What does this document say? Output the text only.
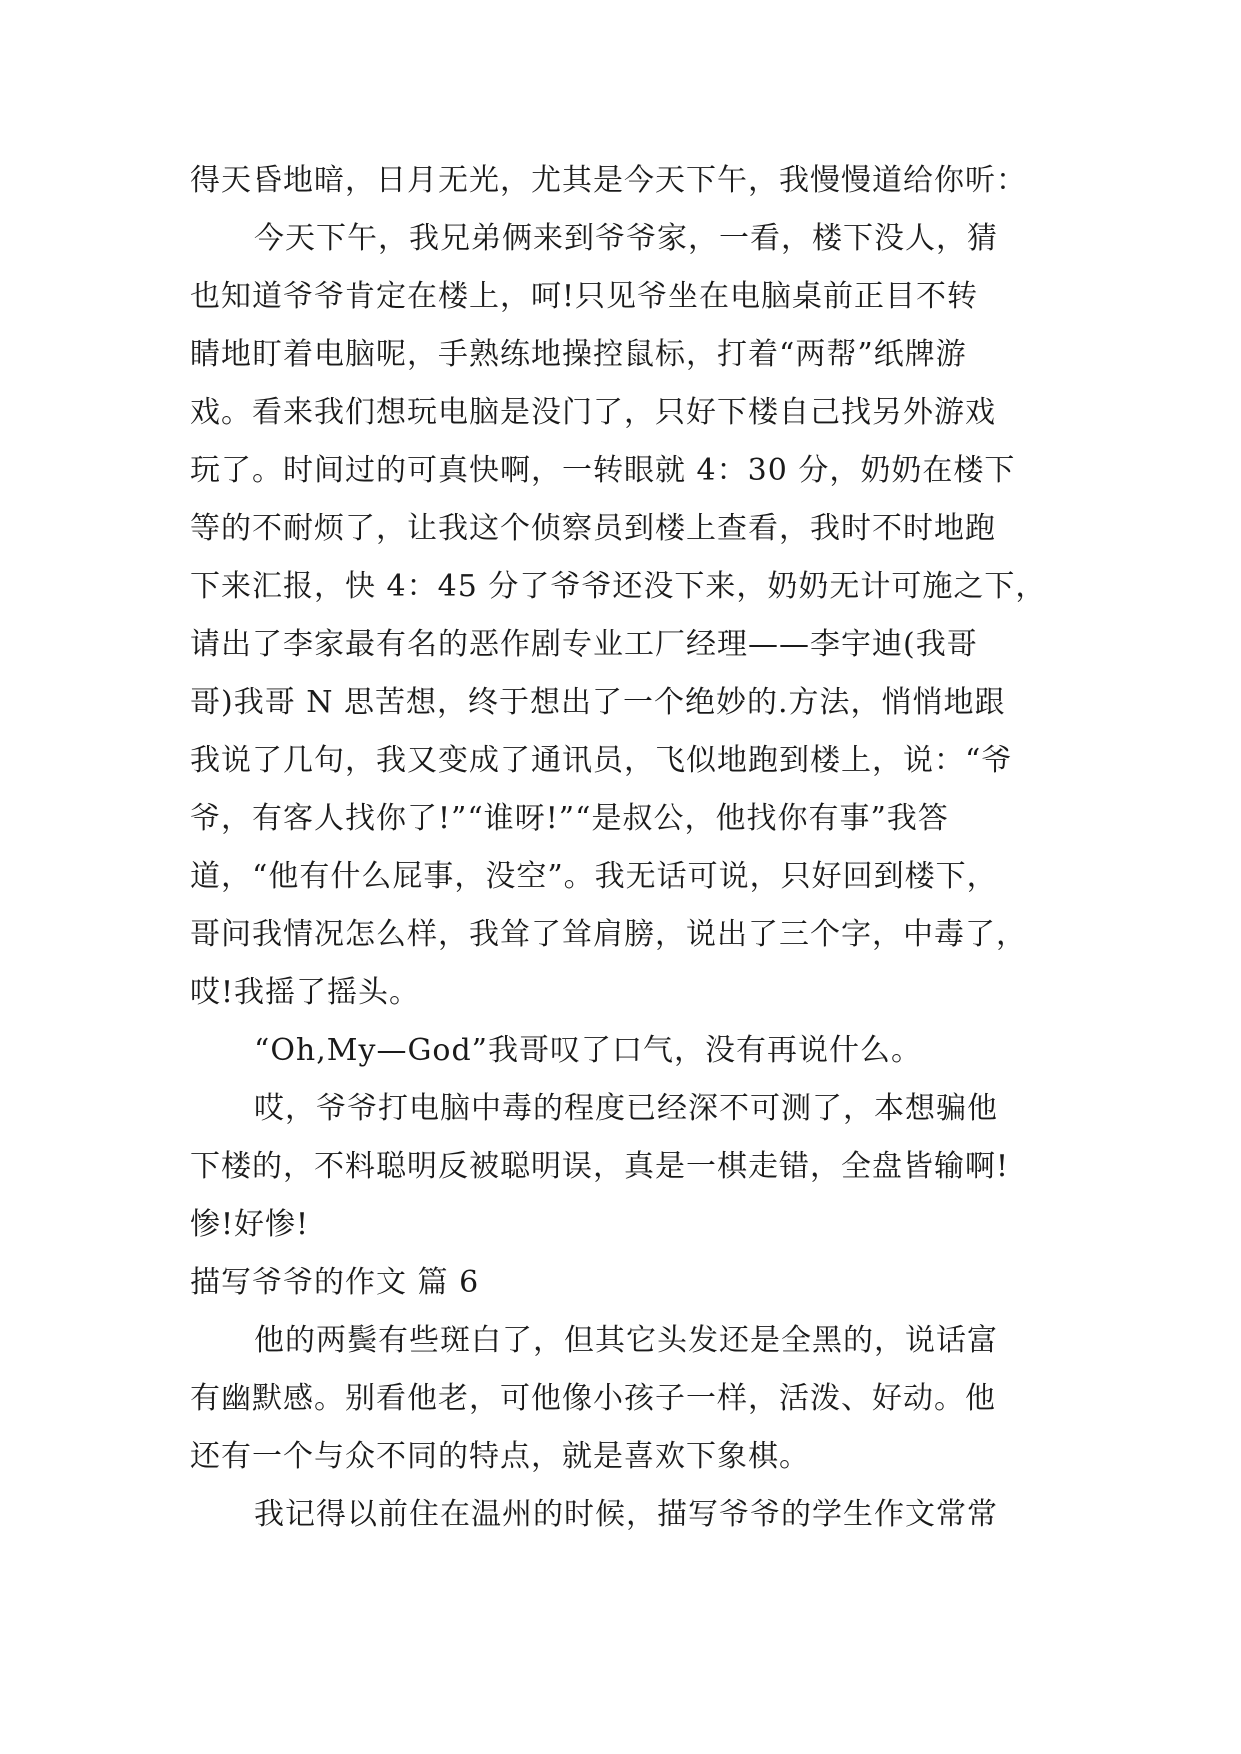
得天昏地暗，日月无光，尤其是今天下午，我慢慢道给你听：
今天下午，我兄弟俩来到爷爷家，一看，楼下没人，猜
也知道爷爷肯定在楼上，呵!只见爷坐在电脑桌前正目不转
睛地盯着电脑呢，手熟练地操控鼠标，打着“两帮”纸牌游
戏。看来我们想玩电脑是没门了，只好下楼自己找另外游戏
玩了。时间过的可真快啊，一转眼就 4：30 分，奶奶在楼下
等的不耐烦了，让我这个侦察员到楼上查看，我时不时地跑
下来汇报，快 4：45 分了爷爷还没下来，奶奶无计可施之下，
请出了李家最有名的恶作剧专业工厂经理——李宇迪(我哥
哥)我哥 N 思苦想，终于想出了一个绝妙的.方法，悄悄地跟
我说了几句，我又变成了通讯员，飞似地跑到楼上，说：“爷
爷，有客人找你了!”“谁呀!”“是叔公，他找你有事”我答
道，“他有什么屁事，没空”。我无话可说，只好回到楼下，
哥问我情况怎么样，我耸了耸肩膀，说出了三个字，中毒了，
哎!我摇了摇头。
“Oh,My—God”我哥叹了口气，没有再说什么。
哎，爷爷打电脑中毒的程度已经深不可测了，本想骗他
下楼的，不料聪明反被聪明误，真是一棋走错，全盘皆输啊!
惨!好惨!
描写爷爷的作文 篇 6
他的两鬓有些斑白了，但其它头发还是全黑的，说话富
有幽默感。别看他老，可他像小孩子一样，活泼、好动。他
还有一个与众不同的特点，就是喜欢下象棋。
我记得以前住在温州的时候，描写爷爷的学生作文常常
